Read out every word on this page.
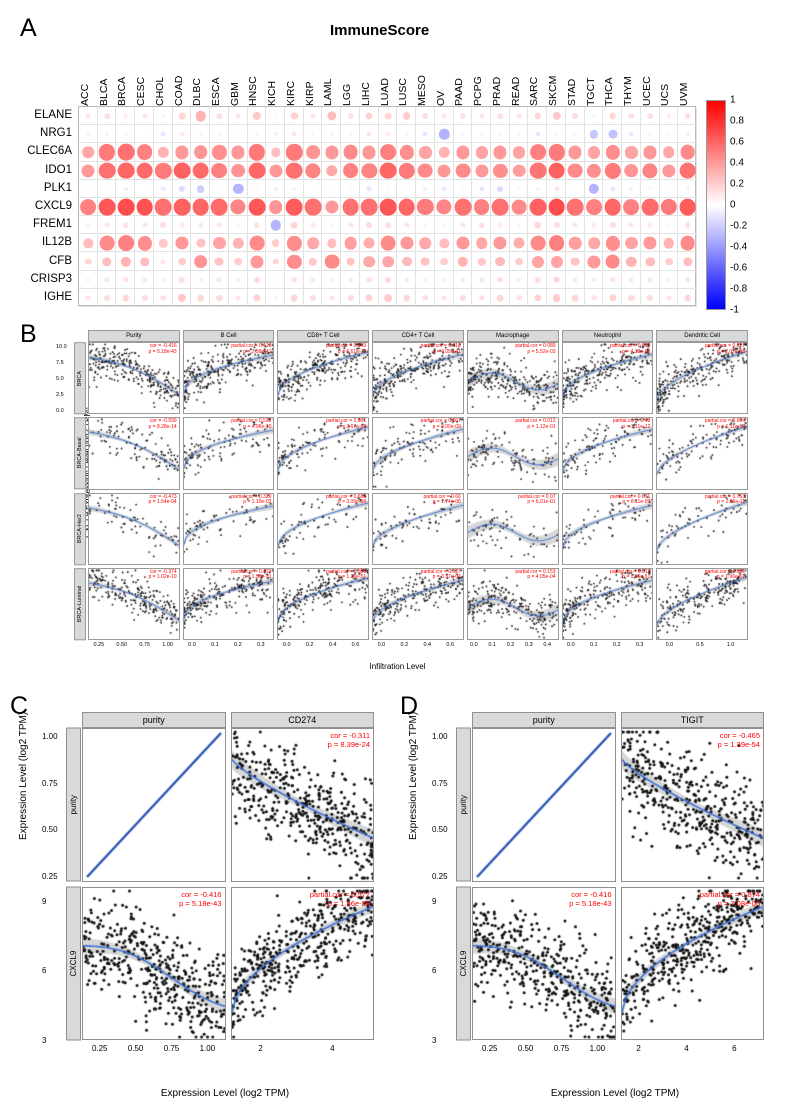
A	ImmuneScore
ACC BLCA BRCA CESC CHOL COAD DLBC ESCA GBM HNSC KICH KIRC KIRP LAML LGG LIHC LUAD LUSC MESO OV PAAD PCPG PRAD READ SARC SKCM STAD TGCT THCA THYM UCEC UCS UVM
ELANE
NRG1
CLEC6A
IDO1
PLK1
CXCL9
FREM1
IL12B
CFB
CRISP3
IGHE
1
0.8
0.6
0.4
0.2
0
-0.2
-0.4
-0.6
-0.8
-1
B
Expression
Purity	B Cell	CD8+ T Cell	CD4+ T Cell	Macrophage	Neutrophil	Dendritic Cell
BRCA
BRCA-Basal
BRCA-Her2
BRCA-Luminal
cor = -0.416
p = 5.18e-43
partial.cor = 0.419
p = 2.58e-41
partial.cor = 0.543
p = 6.61e-72
partial.cor = 0.418
p = 4.05e-41
partial.cor = 0.089
p = 5.52e-03
partial.cor = 0.510
p = 4.18e-62
partial.cor = 0.617
p = 2.07e-98
cor = -0.599
p = 8.28e-14
partial.cor = 0.522
p = 4.96e-10
partial.cor = 0.501
p = 3.67e-09
partial.cor = 0.507
p = 2.00e-09
partial.cor = 0.013
p = 1.12e-01
partial.cor = 0.48
p = 1.11e-12
partial.cor = 0.604
p = 1.11e-12
cor = -0.473
p = 1.54e-04
partial.cor = 0.329
p = 1.10e-02
partial.cor = 0.686
p = 3.06e-09
partial.cor = 0.66
p = 1.74e-08
partial.cor = 0.07
p = 6.01e-01
partial.cor = 0.671
p = 8.11e-09
partial.cor = 0.753
p = 2.06e-11
cor = -0.374
p = 1.02e-19
partial.cor = 0.473
p = 1.58e-31
partial.cor = 0.588
p = 1.36e-51
partial.cor = 0.527
p = 3.37e-04
partial.cor = 0.153
p = 4.05e-04
partial.cor = 0.512
p = 1.66e-51
partial.cor = 0.591
p = 1.96e-51
10.0
7.5
5.0
2.5
0.0
0.25 0.50 0.75 1.00	0.0	0.1	0.2	0.3	0.0	0.2	0.4	0.6	0.0	0.2	0.4	0.6	0.0 0.1 0.2 0.3 0.4	0.0	0.1	0.2	0.3	0.0	0.5	1.0
Infiltration Level
C
Expression Level (log2 TPM)	purity	CD274
purity
CXCL9
cor = -0.311
p = 8.39e-24
cor = -0.416
p = 5.18e-43
partial.cor = 0.577
p = 1.96e-89
1.00
0.75
0.50
0.25
9
6
3
0.25	0.50	0.75	1.00	2	4
Expression Level (log2 TPM)
D
Expression Level (log2 TPM)	purity	TIGIT
purity
CXCL9
cor = -0.465
p = 1.39e-54
cor = -0.416
p = 5.18e-43
partial.cor = 0.874
p = 7.08e-05
1.00
0.75
0.50
0.25
9
6
3
0.25	0.50	0.75	1.00	2	4	6
Expression Level (log2 TPM)
